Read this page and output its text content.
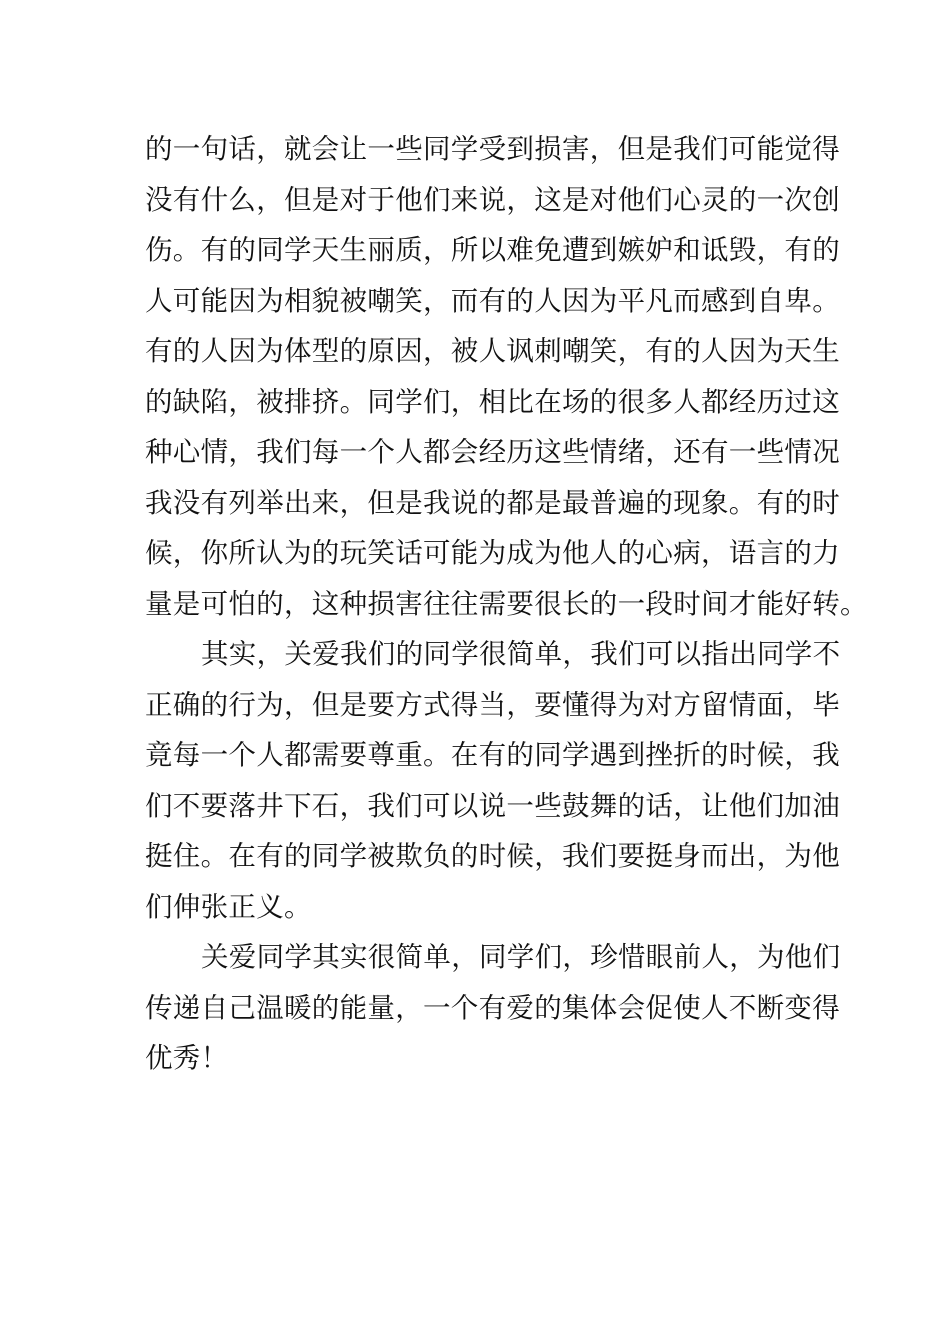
的一句话，就会让一些同学受到损害，但是我们可能觉得
没有什么，但是对于他们来说，这是对他们心灵的一次创
伤。有的同学天生丽质，所以难免遭到嫉妒和诋毁，有的
人可能因为相貌被嘲笑，而有的人因为平凡而感到自卑。
有的人因为体型的原因，被人讽刺嘲笑，有的人因为天生
的缺陷，被排挤。同学们，相比在场的很多人都经历过这
种心情，我们每一个人都会经历这些情绪，还有一些情况
我没有列举出来，但是我说的都是最普遍的现象。有的时
候，你所认为的玩笑话可能为成为他人的心病，语言的力
量是可怕的，这种损害往往需要很长的一段时间才能好转。

其实，关爱我们的同学很简单，我们可以指出同学不
正确的行为，但是要方式得当，要懂得为对方留情面，毕
竟每一个人都需要尊重。在有的同学遇到挫折的时候，我
们不要落井下石，我们可以说一些鼓舞的话，让他们加油
挺住。在有的同学被欺负的时候，我们要挺身而出，为他
们伸张正义。

关爱同学其实很简单，同学们，珍惜眼前人，为他们
传递自己温暖的能量，一个有爱的集体会促使人不断变得
优秀！
